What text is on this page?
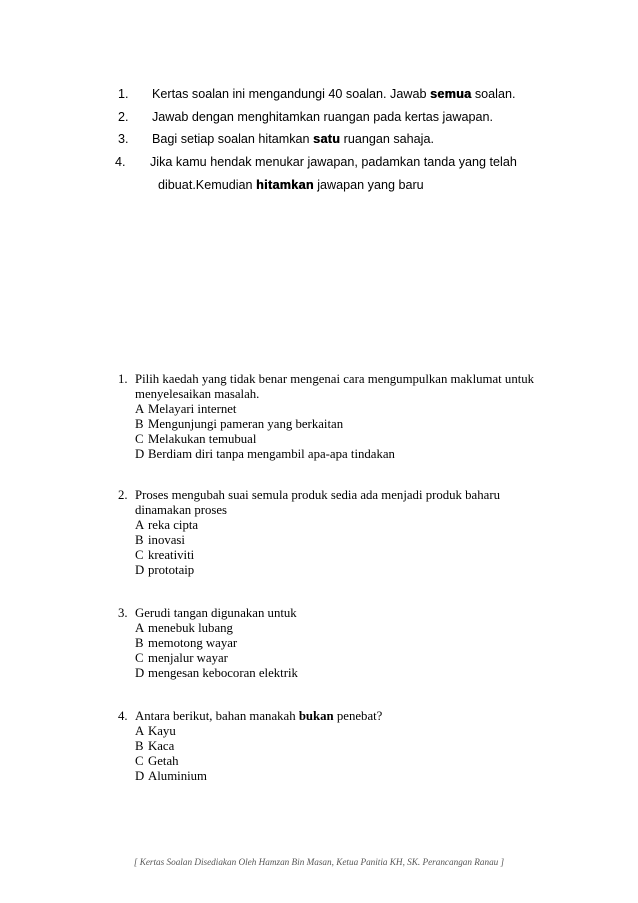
1. Kertas soalan ini mengandungi 40 soalan. Jawab semua soalan.
2. Jawab dengan menghitamkan ruangan pada kertas jawapan.
3. Bagi setiap soalan hitamkan satu ruangan sahaja.
4. Jika kamu hendak menukar jawapan, padamkan tanda yang telah
dibuat.Kemudian hitamkan jawapan yang baru
1. Pilih kaedah yang tidak benar mengenai cara mengumpulkan maklumat untuk
menyelesaikan masalah.
A Melayari internet
B Mengunjungi pameran yang berkaitan
C Melakukan temubual
D Berdiam diri tanpa mengambil apa-apa tindakan
2. Proses mengubah suai semula produk sedia ada menjadi produk baharu
dinamakan proses
A reka cipta
B inovasi
C kreativiti
D prototaip
3. Gerudi tangan digunakan untuk
A menebuk lubang
B memotong wayar
C menjalur wayar
D mengesan kebocoran elektrik
4. Antara berikut, bahan manakah bukan penebat?
A Kayu
B Kaca
C Getah
D Aluminium
[ Kertas Soalan Disediakan Oleh Hamzan Bin Masan, Ketua Panitia KH, SK. Perancangan Ranau ]
